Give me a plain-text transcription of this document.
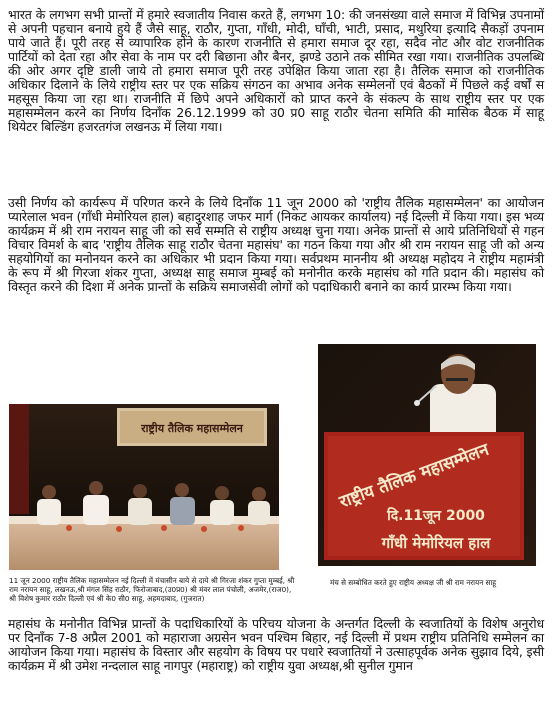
भारत के लगभग सभी प्रान्तों में हमारे स्वजातीय निवास करते हैं, लगभग 10: की जनसंख्या वाले समाज में विभिन्न उपनामों से अपनी पहचान बनाये हुये हैं जैसे साहू, राठौर, गुप्ता, गाँधी, मोदी, घाँची, भाटी, प्रसाद, मथुरिया इत्यादि सैकड़ों उपनाम पाये जाते हैं। पूरी तरह से व्यापारिक होने के कारण राजनीति से हमारा समाज दूर रहा, सदैव नोट और वोट राजनीतिक पार्टियों को देता रहा और सेवा के नाम पर दरी बिछाना और बैनर, झण्डे उठाने तक सीमित रखा गया। राजनीतिक उपलब्धि की ओर अगर दृष्टि डाली जाये तो हमारा समाज पूरी तरह उपेक्षित किया जाता रहा है। तैलिक समाज को राजनीतिक अधिकार दिलाने के लिये राष्ट्रीय स्तर पर एक सक्रिय संगठन का अभाव अनेक सम्मेलनों एवं बैठकों में पिछले कई वर्षों स महसूस किया जा रहा था। राजनीति में छिपे अपने अधिकारों को प्राप्त करने के संकल्प के साथ राष्ट्रीय स्तर पर एक महासम्मेलन करने का निर्णय दिनाँक 26.12.1999 को उ0 प्र0 साहू राठौर चेतना समिति की मासिक बैठक में साहू थियेटर बिल्डिंग हजरतगंज लखनऊ में लिया गया।

उसी निर्णय को कार्यरूप में परिणत करने के लिये दिनाँक 11 जून 2000 को 'राष्ट्रीय तैलिक महासम्मेलन' का आयोजन प्यारेलाल भवन (गाँधी मेमोरियल हाल) बहादुरशाह जफर मार्ग (निकट आयकर कार्यालय) नई दिल्ली में किया गया। इस भव्य कार्यक्रम में श्री राम नरायन साहू जी को सर्व सम्मति से राष्ट्रीय अध्यक्ष चुना गया। अनेक प्रान्तों से आये प्रतिनिधियों से गहन विचार विमर्श के बाद 'राष्ट्रीय तैलिक साहू राठौर चेतना महासंघ' का गठन किया गया और श्री राम नरायन साहू जी को अन्य सहयोगियों का मनोनयन करने का अधिकार भी प्रदान किया गया। सर्वप्रथम माननीय श्री अध्यक्ष महोदय ने राष्ट्रीय महामंत्री के रूप में श्री गिरजा शंकर गुप्ता, अध्यक्ष साहू समाज मुम्बई को मनोनीत करके महासंघ को गति प्रदान की। महासंघ को विस्तृत करने की दिशा में अनेक प्रान्तों के सक्रिय समाजसेवी लोगों को पदाधिकारी बनाने का कार्य प्रारम्भ किया गया।

राष्ट्रीय तैलिक महासम्मेलन
राष्ट्रीय तैलिक महासम्मेलन
दि.11जून 2000
गाँधी मेमोरियल हाल
11 जून 2000 राष्ट्रीय तैलिक महासम्मेलन नई दिल्ली में मंचासीन बाये से दाये श्री गिरजा शंकर गुप्ता मुम्बई, श्री राम नरायन साहू, लखनऊ,श्री मंगल सिंह राठौर, फिरोजाबाद,(उ0प्र0) श्री मंवर लाल पंचोली, अजमेर,(राज0), श्री विशेष कुमार राठौर दिल्ली एवं श्री के0 सी0 साहू, अहमदाबाद, (गुजरात)
मंच से सम्बोधित करते हुए राष्ट्रीय अध्यक्ष जी श्री राम नरायन साहू

महासंघ के मनोनीत विभिन्न प्रान्तों के पदाधिकारियों के परिचय योजना के अन्तर्गत दिल्ली के स्वजातियों के विशेष अनुरोध पर दिनाँक 7-8 अप्रैल 2001 को महाराजा अग्रसेन भवन पश्चिम बिहार, नई दिल्ली में प्रथम राष्ट्रीय प्रतिनिधि सम्मेलन का आयोजन किया गया। महासंघ के विस्तार और सहयोग के विषय पर पधारे स्वजातियों ने उत्साहपूर्वक अनेक सुझाव दिये, इसी कार्यक्रम में श्री उमेश नन्दलाल साहू नागपुर (महाराष्ट्र) को राष्ट्रीय युवा अध्यक्ष,श्री सुनील गुमान
